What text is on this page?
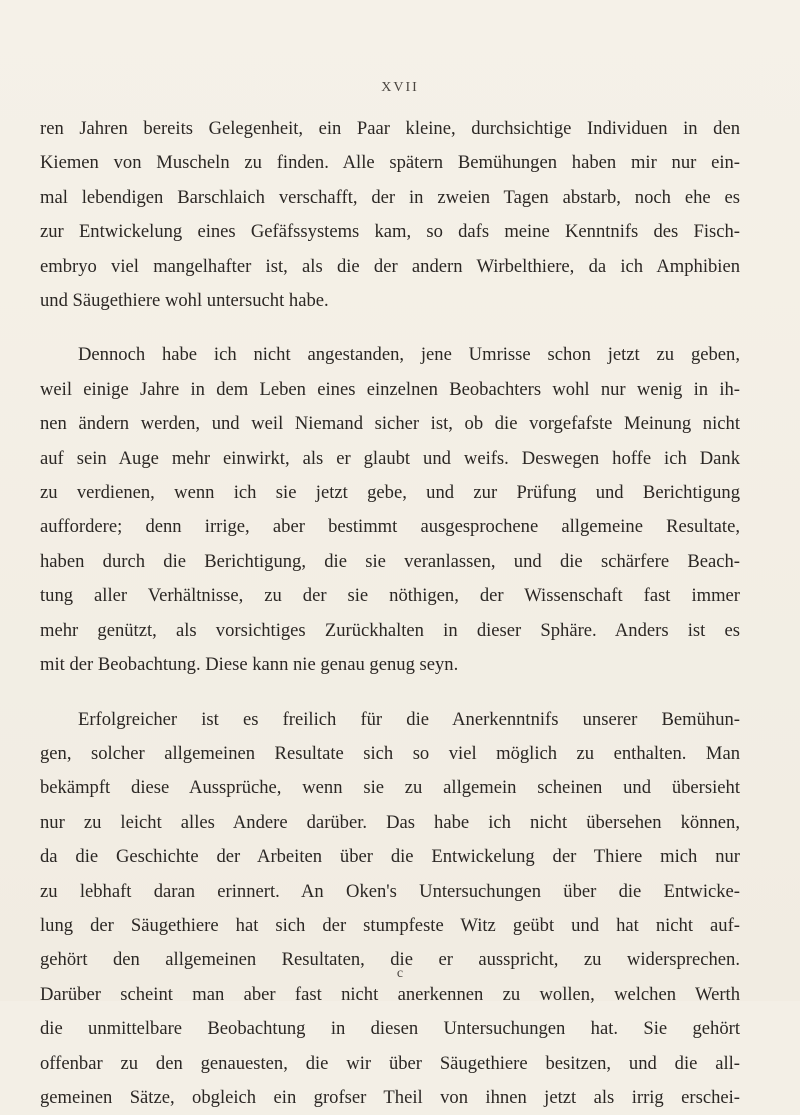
XVII
ren Jahren bereits Gelegenheit, ein Paar kleine, durchsichtige Individuen in den
Kiemen von Muscheln zu finden. Alle spätern Bemühungen haben mir nur ein-
mal lebendigen Barschlaich verschafft, der in zweien Tagen abstarb, noch ehe es
zur Entwickelung eines Gefäfssystems kam, so dafs meine Kenntnifs des Fisch-
embryo viel mangelhafter ist, als die der andern Wirbelthiere, da ich Amphibien
und Säugethiere wohl untersucht habe.
Dennoch habe ich nicht angestanden, jene Umrisse schon jetzt zu geben,
weil einige Jahre in dem Leben eines einzelnen Beobachters wohl nur wenig in ih-
nen ändern werden, und weil Niemand sicher ist, ob die vorgefafste Meinung nicht
auf sein Auge mehr einwirkt, als er glaubt und weifs. Deswegen hoffe ich Dank
zu verdienen, wenn ich sie jetzt gebe, und zur Prüfung und Berichtigung
auffordere; denn irrige, aber bestimmt ausgesprochene allgemeine Resultate,
haben durch die Berichtigung, die sie veranlassen, und die schärfere Beach-
tung aller Verhältnisse, zu der sie nöthigen, der Wissenschaft fast immer
mehr genützt, als vorsichtiges Zurückhalten in dieser Sphäre. Anders ist es
mit der Beobachtung. Diese kann nie genau genug seyn.
Erfolgreicher ist es freilich für die Anerkenntnifs unserer Bemühun-
gen, solcher allgemeinen Resultate sich so viel möglich zu enthalten. Man
bekämpft diese Aussprüche, wenn sie zu allgemein scheinen und übersieht
nur zu leicht alles Andere darüber. Das habe ich nicht übersehen können,
da die Geschichte der Arbeiten über die Entwickelung der Thiere mich nur
zu lebhaft daran erinnert. An Oken's Untersuchungen über die Entwicke-
lung der Säugethiere hat sich der stumpfeste Witz geübt und hat nicht auf-
gehört den allgemeinen Resultaten, die er ausspricht, zu widersprechen.
Darüber scheint man aber fast nicht anerkennen zu wollen, welchen Werth
die unmittelbare Beobachtung in diesen Untersuchungen hat. Sie gehört
offenbar zu den genauesten, die wir über Säugethiere besitzen, und die all-
gemeinen Sätze, obgleich ein grofser Theil von ihnen jetzt als irrig erschei-
c
